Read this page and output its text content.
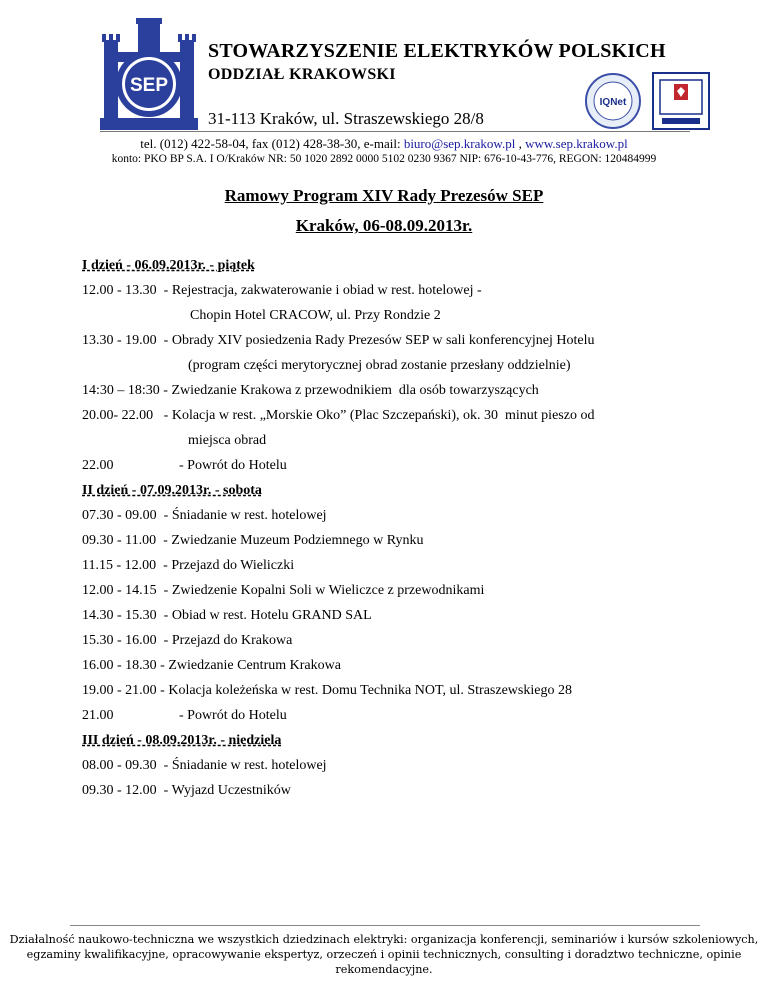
SEP
STOWARZYSZENIE ELEKTRYKÓW POLSKICH
ODDZIAŁ KRAKOWSKI
31-113 Kraków, ul. Straszewskiego 28/8
IQNet
tel. (012) 422-58-04, fax (012) 428-38-30, e-mail: biuro@sep.krakow.pl , www.sep.krakow.pl
konto: PKO BP S.A. I O/Kraków NR: 50 1020 2892 0000 5102 0230 9367 NIP: 676-10-43-776, REGON: 120484999
Ramowy Program XIV Rady Prezesów SEP
Kraków, 06-08.09.2013r.
I dzień - 06.09.2013r. - piątek
12.00 - 13.30  - Rejestracja, zakwaterowanie i obiad w rest. hotelowej -
Chopin Hotel CRACOW, ul. Przy Rondzie 2
13.30 - 19.00  - Obrady XIV posiedzenia Rady Prezesów SEP w sali konferencyjnej Hotelu
(program części merytorycznej obrad zostanie przesłany oddzielnie)
14:30 – 18:30 - Zwiedzanie Krakowa z przewodnikiem  dla osób towarzyszących
20.00- 22.00   - Kolacja w rest. „Morskie Oko” (Plac Szczepański), ok. 30  minut pieszo od
miejsca obrad
22.00	- Powrót do Hotelu
II dzień - 07.09.2013r. - sobota
07.30 - 09.00  - Śniadanie w rest. hotelowej
09.30 - 11.00  - Zwiedzanie Muzeum Podziemnego w Rynku
11.15 - 12.00  - Przejazd do Wieliczki
12.00 - 14.15  - Zwiedzenie Kopalni Soli w Wieliczce z przewodnikami
14.30 - 15.30  - Obiad w rest. Hotelu GRAND SAL
15.30 - 16.00  - Przejazd do Krakowa
16.00 - 18.30 - Zwiedzanie Centrum Krakowa
19.00 - 21.00 - Kolacja koleżeńska w rest. Domu Technika NOT, ul. Straszewskiego 28
21.00	- Powrót do Hotelu
III dzień - 08.09.2013r. - niedziela
08.00 - 09.30  - Śniadanie w rest. hotelowej
09.30 - 12.00  - Wyjazd Uczestników
Działalność naukowo-techniczna we wszystkich dziedzinach elektryki: organizacja konferencji, seminariów i kursów szkoleniowych,
egzaminy kwalifikacyjne, opracowywanie ekspertyz, orzeczeń i opinii technicznych, consulting i doradztwo techniczne, opinie rekomendacyjne.
